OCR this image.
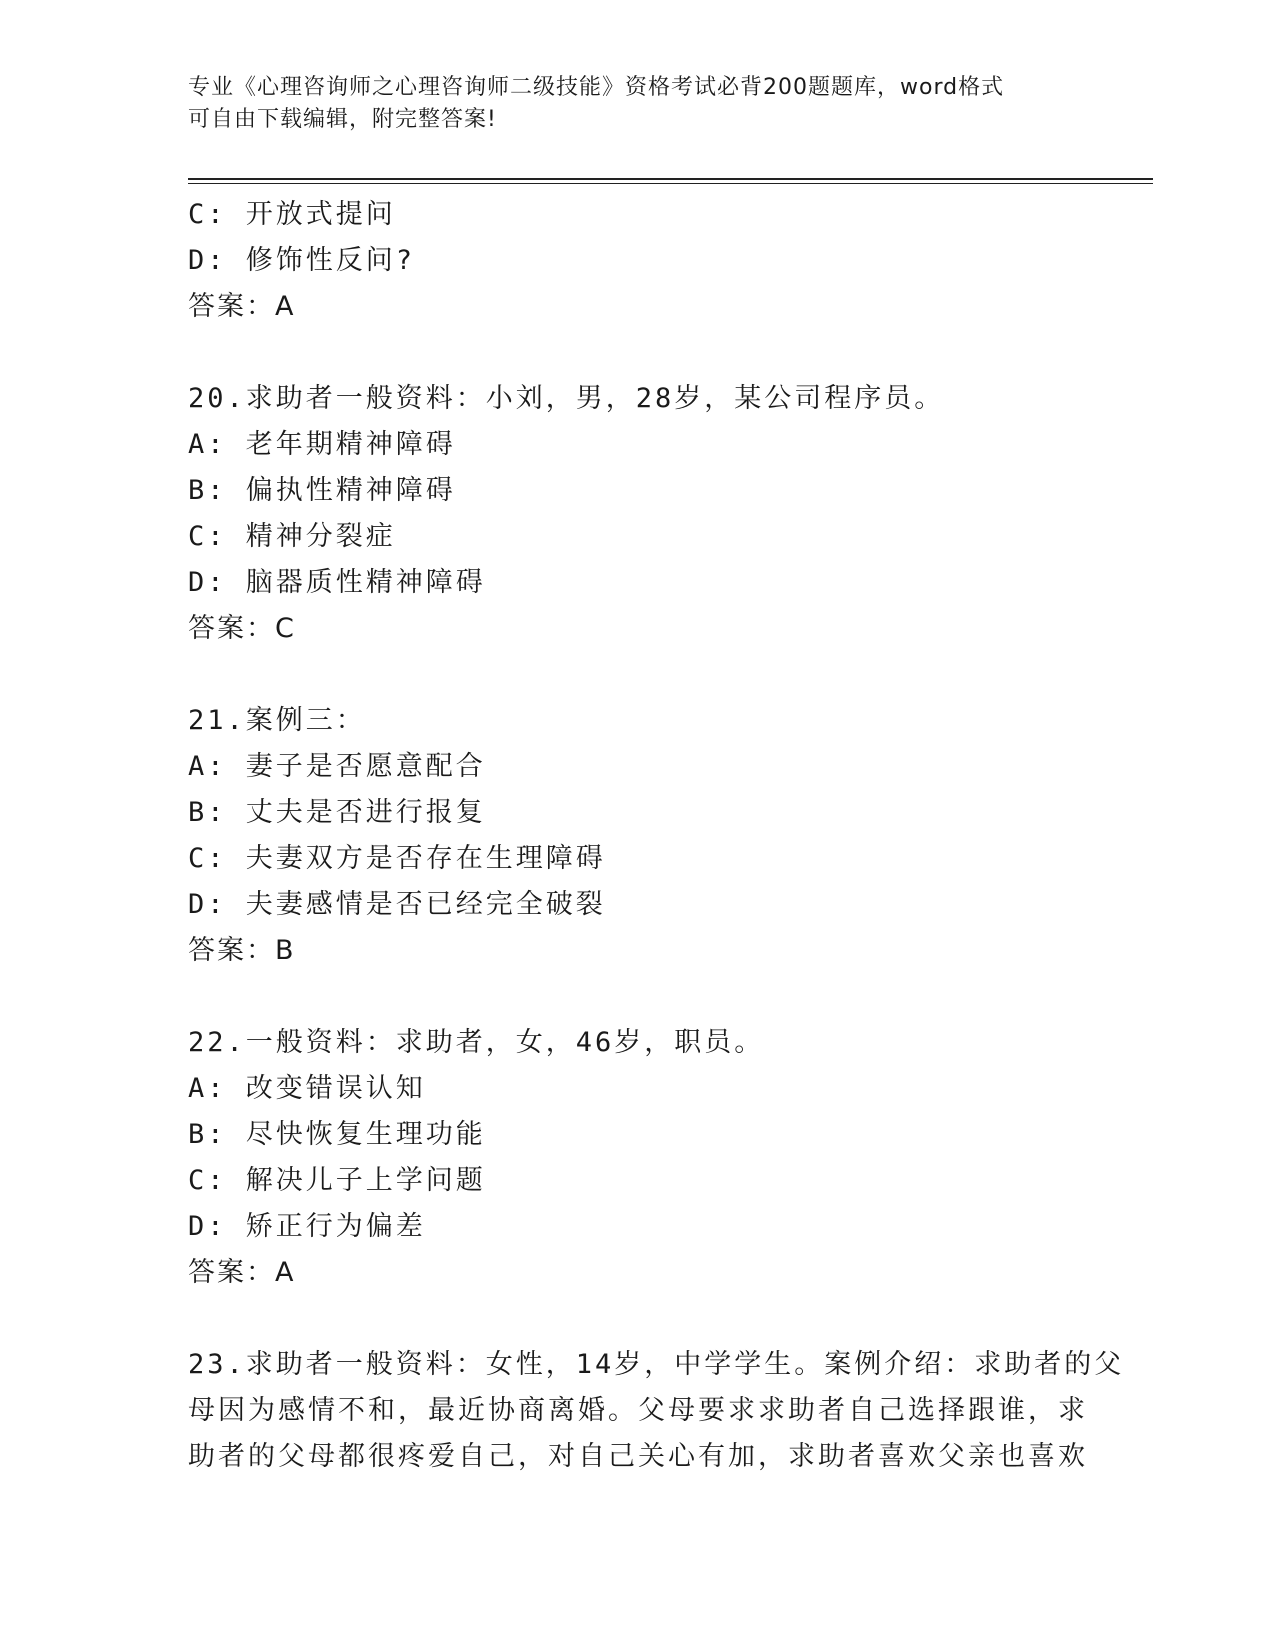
专业《心理咨询师之心理咨询师二级技能》资格考试必背200题题库，word格式
可自由下载编辑，附完整答案!
C: 开放式提问
D: 修饰性反问?
答案：A
20.求助者一般资料：小刘，男，28岁，某公司程序员。
A: 老年期精神障碍
B: 偏执性精神障碍
C: 精神分裂症
D: 脑器质性精神障碍
答案：C
21.案例三：
A: 妻子是否愿意配合
B: 丈夫是否进行报复
C: 夫妻双方是否存在生理障碍
D: 夫妻感情是否已经完全破裂
答案：B
22.一般资料：求助者，女，46岁，职员。
A: 改变错误认知
B: 尽快恢复生理功能
C: 解决儿子上学问题
D: 矫正行为偏差
答案：A
23.求助者一般资料：女性，14岁，中学学生。案例介绍：求助者的父
母因为感情不和，最近协商离婚。父母要求求助者自己选择跟谁，求
助者的父母都很疼爱自己，对自己关心有加，求助者喜欢父亲也喜欢
